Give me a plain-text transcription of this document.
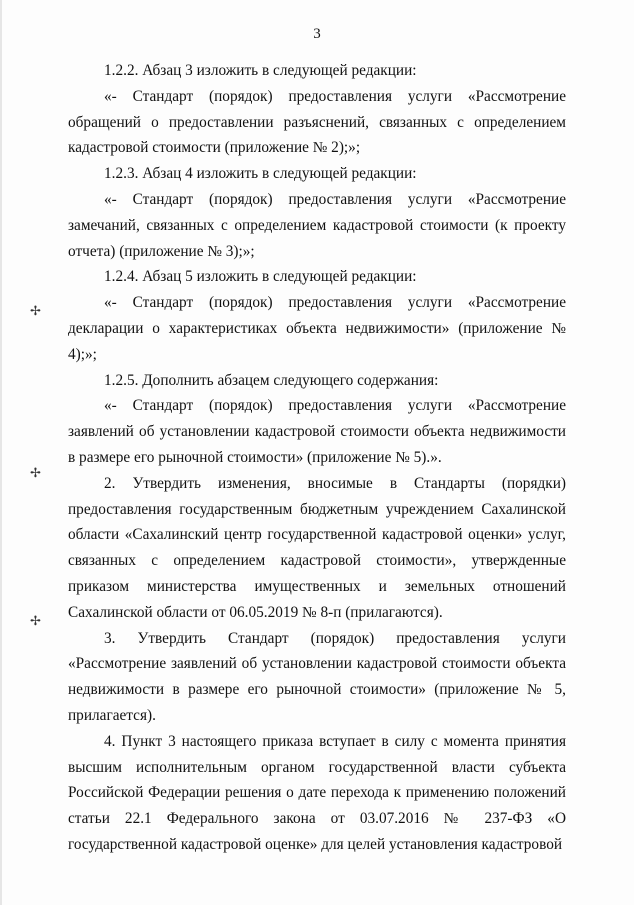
3

1.2.2. Абзац 3 изложить в следующей редакции:

«- Стандарт (порядок) предоставления услуги «Рассмотрение обращений о предоставлении разъяснений, связанных с определением кадастровой стоимости (приложение № 2);»;

1.2.3. Абзац 4 изложить в следующей редакции:

«- Стандарт (порядок) предоставления услуги «Рассмотрение замечаний, связанных с определением кадастровой стоимости (к проекту отчета) (приложение № 3);»;

1.2.4. Абзац 5 изложить в следующей редакции:

«- Стандарт (порядок) предоставления услуги «Рассмотрение декларации о характеристиках объекта недвижимости» (приложение № 4);»;

1.2.5. Дополнить абзацем следующего содержания:

«- Стандарт (порядок) предоставления услуги «Рассмотрение заявлений об установлении кадастровой стоимости объекта недвижимости в размере его рыночной стоимости» (приложение № 5).».

2. Утвердить изменения, вносимые в Стандарты (порядки) предоставления государственным бюджетным учреждением Сахалинской области «Сахалинский центр государственной кадастровой оценки» услуг, связанных с определением кадастровой стоимости», утвержденные приказом министерства имущественных и земельных отношений Сахалинской области от 06.05.2019 № 8-п (прилагаются).

3. Утвердить Стандарт (порядок) предоставления услуги «Рассмотрение заявлений об установлении кадастровой стоимости объекта недвижимости в размере его рыночной стоимости» (приложение № 5, прилагается).

4. Пункт 3 настоящего приказа вступает в силу с момента принятия высшим исполнительным органом государственной власти субъекта Российской Федерации решения о дате перехода к применению положений статьи 22.1 Федерального закона от 03.07.2016 № 237-ФЗ «О государственной кадастровой оценке» для целей установления кадастровой

✢
✢
✢
